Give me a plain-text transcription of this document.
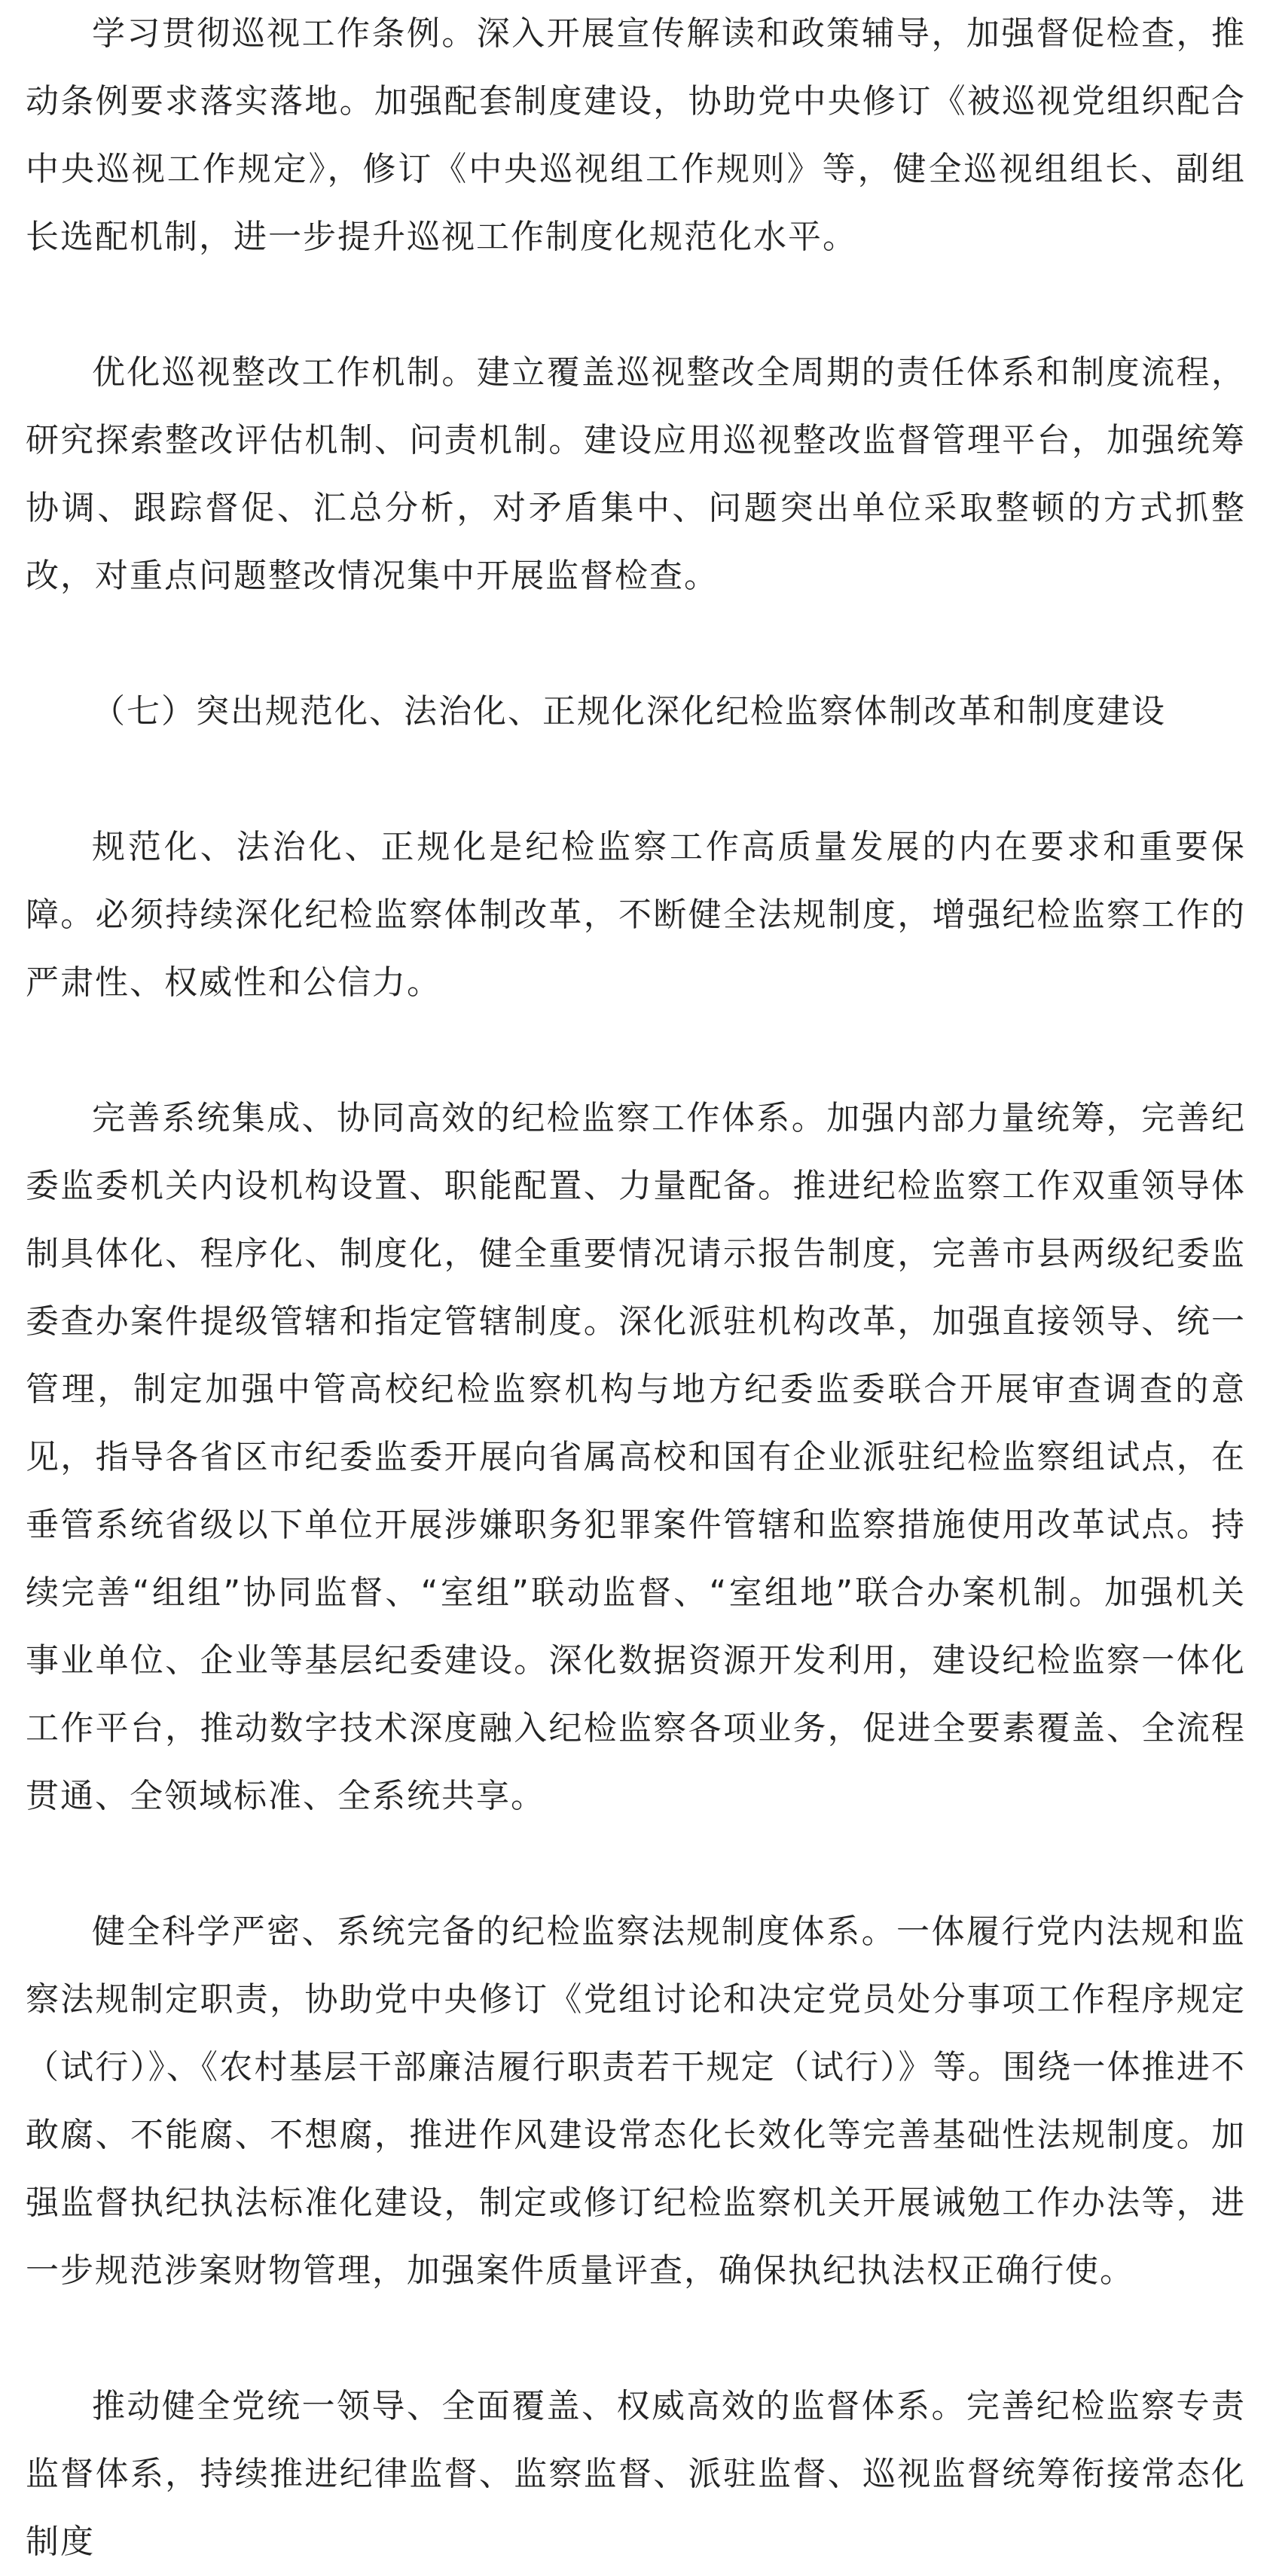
学习贯彻巡视工作条例。深入开展宣传解读和政策辅导，加强督促检查，推动条例要求落实落地。加强配套制度建设，协助党中央修订《被巡视党组织配合中央巡视工作规定》，修订《中央巡视组工作规则》等，健全巡视组组长、副组长选配机制，进一步提升巡视工作制度化规范化水平。

优化巡视整改工作机制。建立覆盖巡视整改全周期的责任体系和制度流程，研究探索整改评估机制、问责机制。建设应用巡视整改监督管理平台，加强统筹协调、跟踪督促、汇总分析，对矛盾集中、问题突出单位采取整顿的方式抓整改，对重点问题整改情况集中开展监督检查。

（七）突出规范化、法治化、正规化深化纪检监察体制改革和制度建设

规范化、法治化、正规化是纪检监察工作高质量发展的内在要求和重要保障。必须持续深化纪检监察体制改革，不断健全法规制度，增强纪检监察工作的严肃性、权威性和公信力。

完善系统集成、协同高效的纪检监察工作体系。加强内部力量统筹，完善纪委监委机关内设机构设置、职能配置、力量配备。推进纪检监察工作双重领导体制具体化、程序化、制度化，健全重要情况请示报告制度，完善市县两级纪委监委查办案件提级管辖和指定管辖制度。深化派驻机构改革，加强直接领导、统一管理，制定加强中管高校纪检监察机构与地方纪委监委联合开展审查调查的意见，指导各省区市纪委监委开展向省属高校和国有企业派驻纪检监察组试点，在垂管系统省级以下单位开展涉嫌职务犯罪案件管辖和监察措施使用改革试点。持续完善“组组”协同监督、“室组”联动监督、“室组地”联合办案机制。加强机关事业单位、企业等基层纪委建设。深化数据资源开发利用，建设纪检监察一体化工作平台，推动数字技术深度融入纪检监察各项业务，促进全要素覆盖、全流程贯通、全领域标准、全系统共享。

健全科学严密、系统完备的纪检监察法规制度体系。一体履行党内法规和监察法规制定职责，协助党中央修订《党组讨论和决定党员处分事项工作程序规定（试行）》、《农村基层干部廉洁履行职责若干规定（试行）》等。围绕一体推进不敢腐、不能腐、不想腐，推进作风建设常态化长效化等完善基础性法规制度。加强监督执纪执法标准化建设，制定或修订纪检监察机关开展诫勉工作办法等，进一步规范涉案财物管理，加强案件质量评查，确保执纪执法权正确行使。

推动健全党统一领导、全面覆盖、权威高效的监督体系。完善纪检监察专责监督体系，持续推进纪律监督、监察监督、派驻监督、巡视监督统筹衔接常态化制度
